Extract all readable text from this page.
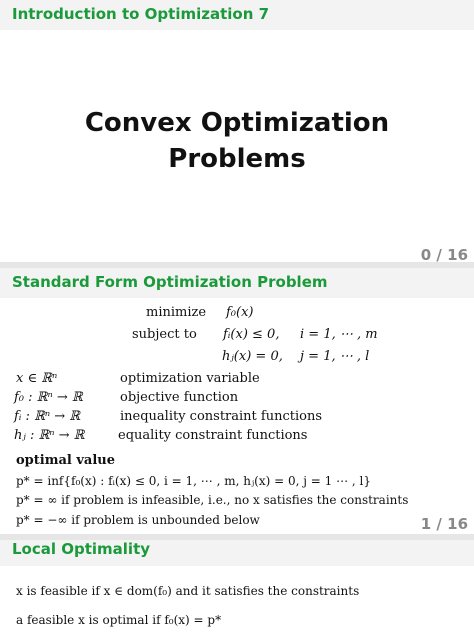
Introduction to Optimization 7
Convex Optimization
Problems
0 / 16
Standard Form Optimization Problem
minimize f₀(x)
subject to fᵢ(x) ≤ 0, i = 1, ⋯ , m
hⱼ(x) = 0, j = 1, ⋯ , l
x ∈ ℝⁿ	optimization variable
f₀ : ℝⁿ → ℝ	objective function
fᵢ : ℝⁿ → ℝ	inequality constraint functions
hⱼ : ℝⁿ → ℝ	equality constraint functions
optimal value
p* = inf{f₀(x) : fᵢ(x) ≤ 0, i = 1, ⋯ , m, hⱼ(x) = 0, j = 1 ⋯ , l}
p* = ∞ if problem is infeasible, i.e., no x satisfies the constraints
p* = −∞ if problem is unbounded below	1 / 16
Local Optimality
x is feasible if x ∈ dom(f₀) and it satisfies the constraints
a feasible x is optimal if f₀(x) = p*
